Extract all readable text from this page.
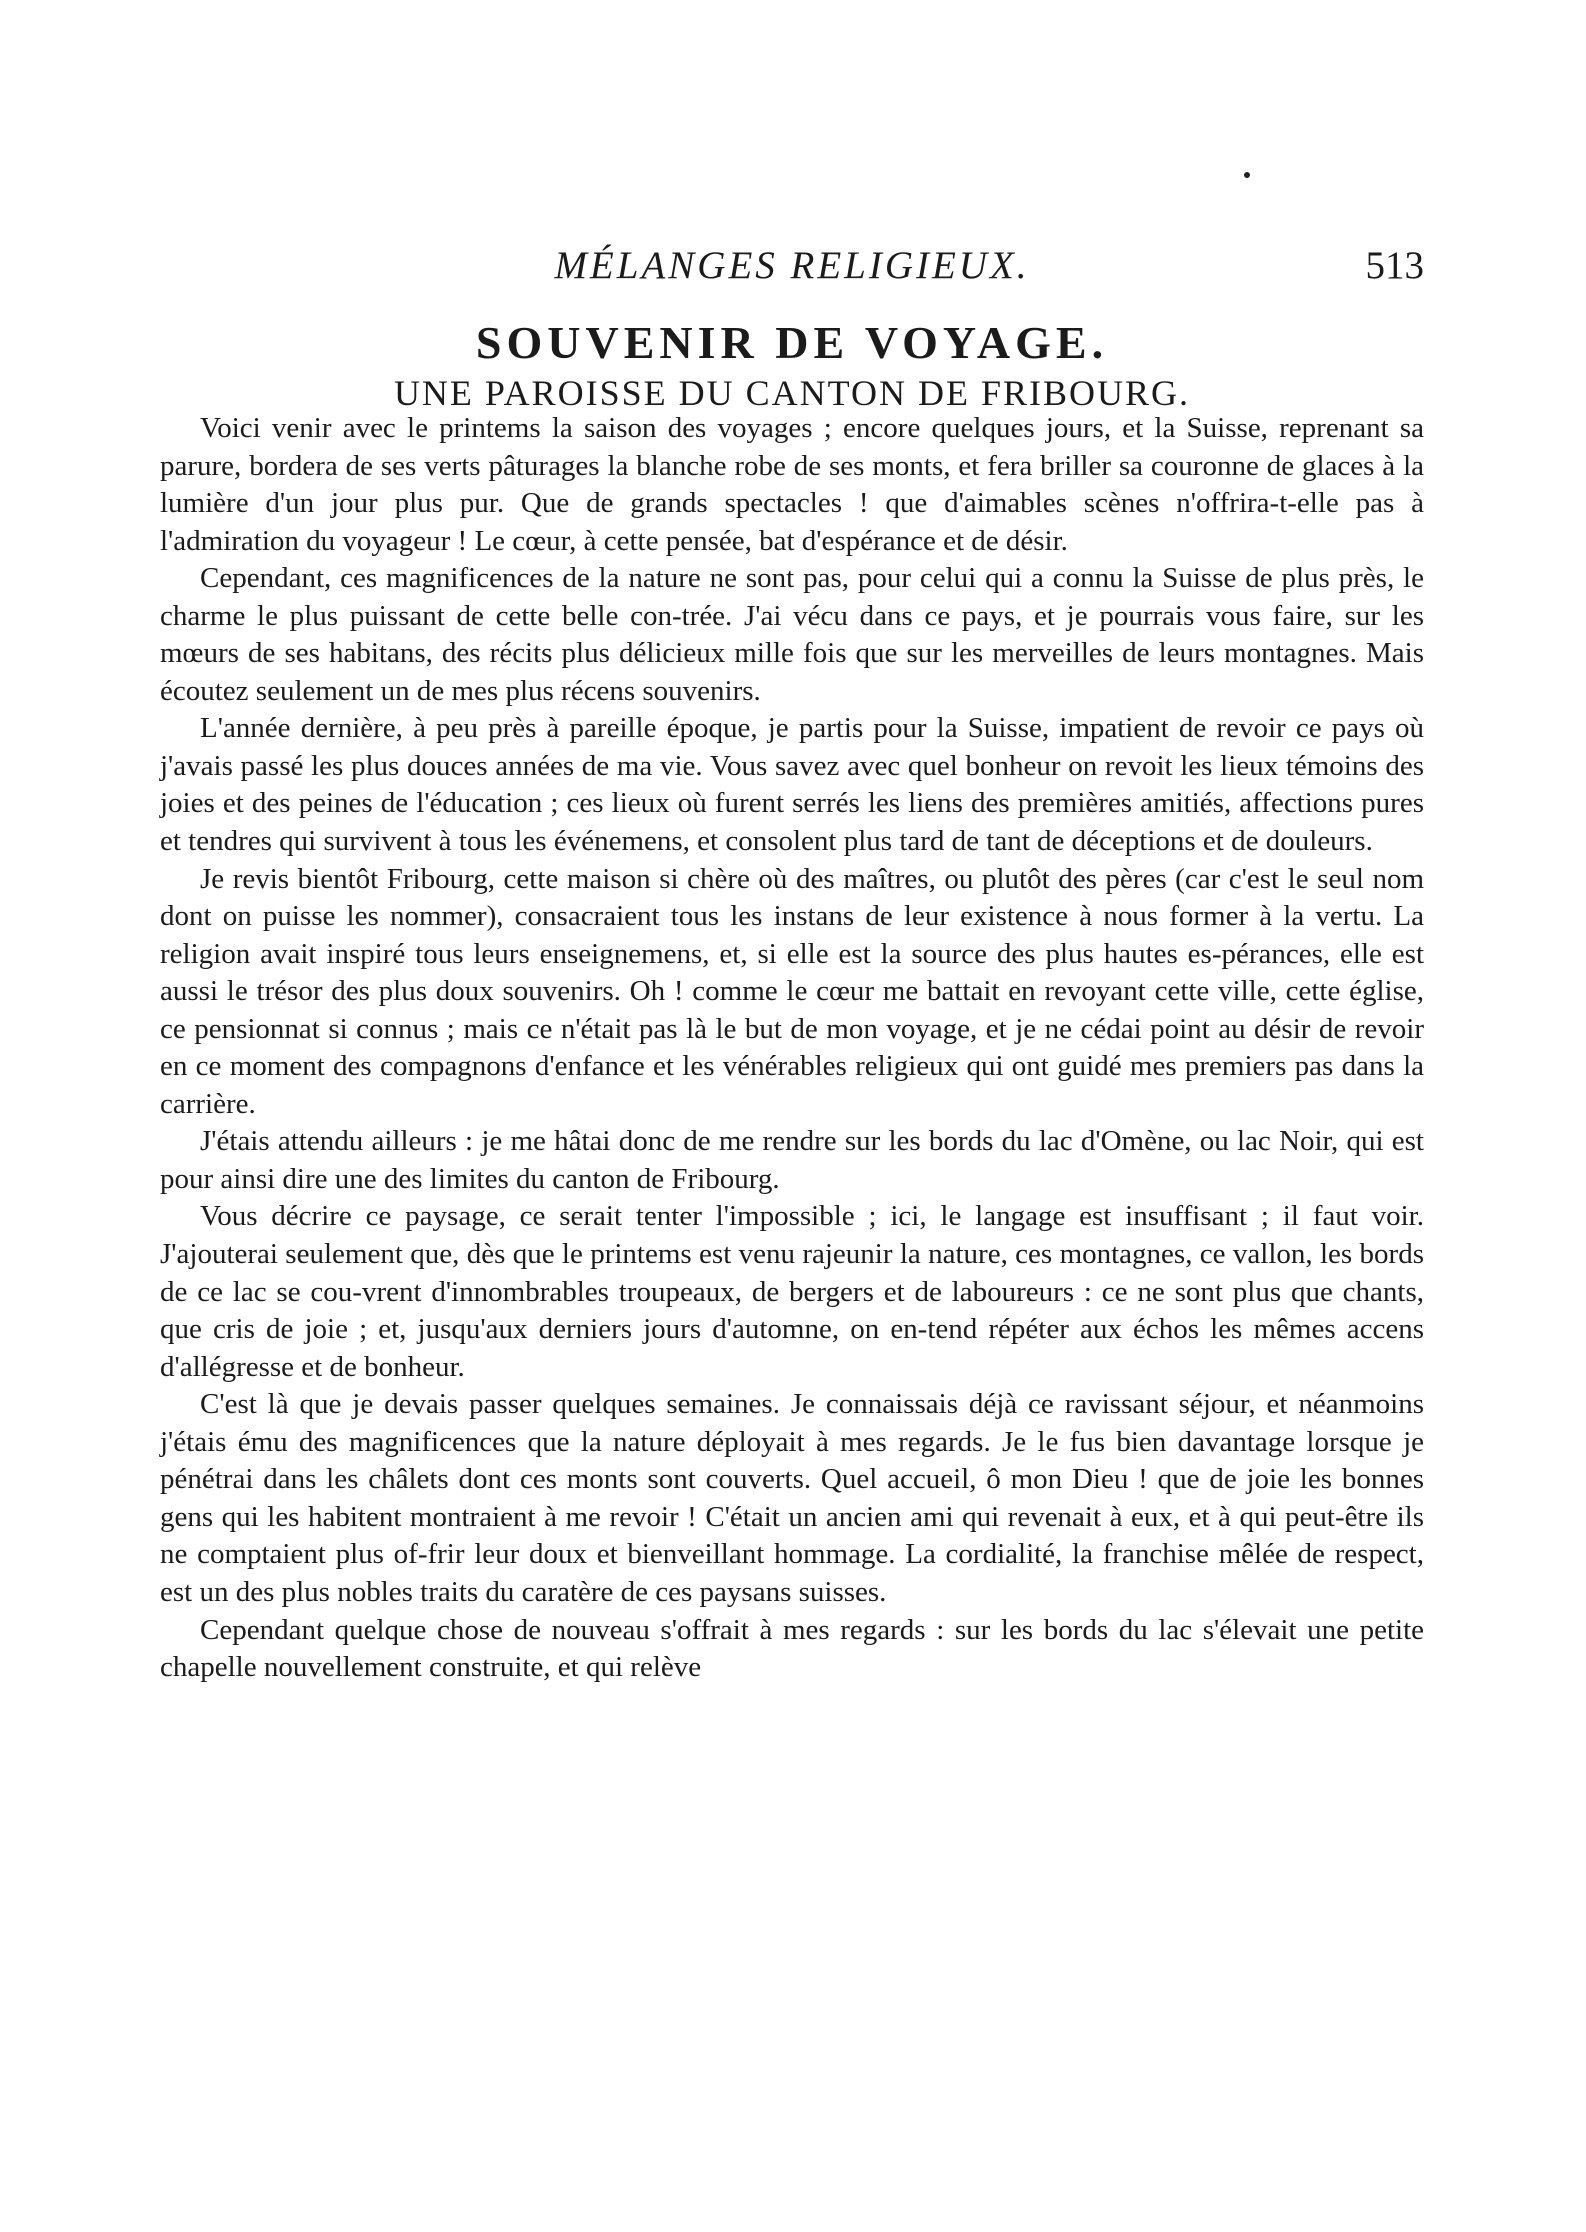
MÉLANGES RELIGIEUX.	513
SOUVENIR DE VOYAGE.
UNE PAROISSE DU CANTON DE FRIBOURG.

Voici venir avec le printems la saison des voyages ; encore quelques jours, et la Suisse, reprenant sa parure, bordera de ses verts pâturages la blanche robe de ses monts, et fera briller sa couronne de glaces à la lumière d'un jour plus pur. Que de grands spectacles ! que d'aimables scènes n'offrira-t-elle pas à l'admiration du voyageur ! Le cœur, à cette pensée, bat d'espérance et de désir.

Cependant, ces magnificences de la nature ne sont pas, pour celui qui a connu la Suisse de plus près, le charme le plus puissant de cette belle con-trée. J'ai vécu dans ce pays, et je pourrais vous faire, sur les mœurs de ses habitans, des récits plus délicieux mille fois que sur les merveilles de leurs montagnes. Mais écoutez seulement un de mes plus récens souvenirs.

L'année dernière, à peu près à pareille époque, je partis pour la Suisse, impatient de revoir ce pays où j'avais passé les plus douces années de ma vie. Vous savez avec quel bonheur on revoit les lieux témoins des joies et des peines de l'éducation ; ces lieux où furent serrés les liens des premières amitiés, affections pures et tendres qui survivent à tous les événemens, et consolent plus tard de tant de déceptions et de douleurs.

Je revis bientôt Fribourg, cette maison si chère où des maîtres, ou plutôt des pères (car c'est le seul nom dont on puisse les nommer), consacraient tous les instans de leur existence à nous former à la vertu. La religion avait inspiré tous leurs enseignemens, et, si elle est la source des plus hautes es-pérances, elle est aussi le trésor des plus doux souvenirs. Oh ! comme le cœur me battait en revoyant cette ville, cette église, ce pensionnat si connus ; mais ce n'était pas là le but de mon voyage, et je ne cédai point au désir de revoir en ce moment des compagnons d'enfance et les vénérables religieux qui ont guidé mes premiers pas dans la carrière.

J'étais attendu ailleurs : je me hâtai donc de me rendre sur les bords du lac d'Omène, ou lac Noir, qui est pour ainsi dire une des limites du canton de Fribourg.

Vous décrire ce paysage, ce serait tenter l'impossible ; ici, le langage est insuffisant ; il faut voir. J'ajouterai seulement que, dès que le printems est venu rajeunir la nature, ces montagnes, ce vallon, les bords de ce lac se cou-vrent d'innombrables troupeaux, de bergers et de laboureurs : ce ne sont plus que chants, que cris de joie ; et, jusqu'aux derniers jours d'automne, on en-tend répéter aux échos les mêmes accens d'allégresse et de bonheur.

C'est là que je devais passer quelques semaines. Je connaissais déjà ce ravissant séjour, et néanmoins j'étais ému des magnificences que la nature déployait à mes regards. Je le fus bien davantage lorsque je pénétrai dans les châlets dont ces monts sont couverts. Quel accueil, ô mon Dieu ! que de joie les bonnes gens qui les habitent montraient à me revoir ! C'était un ancien ami qui revenait à eux, et à qui peut-être ils ne comptaient plus of-frir leur doux et bienveillant hommage. La cordialité, la franchise mêlée de respect, est un des plus nobles traits du caratère de ces paysans suisses.

Cependant quelque chose de nouveau s'offrait à mes regards : sur les bords du lac s'élevait une petite chapelle nouvellement construite, et qui relève
